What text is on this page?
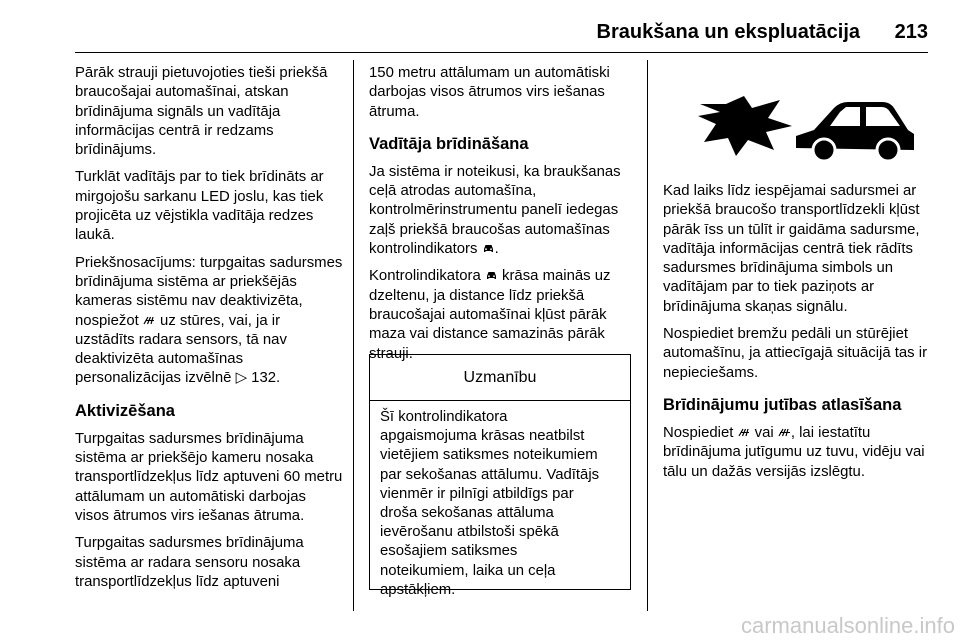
Braukšana un ekspluatācija	213

Pārāk strauji pietuvojoties tieši priekšā braucošajai automašīnai, atskan brīdinājuma signāls un vadītāja informācijas centrā ir redzams brīdinājums.

Turklāt vadītājs par to tiek brīdināts ar mirgojošu sarkanu LED joslu, kas tiek projicēta uz vējstikla vadītāja redzes laukā.

Priekšnosacījums: turpgaitas sadursmes brīdinājuma sistēma ar priekšējās kameras sistēmu nav deaktivizēta, nospiežot uz stūres, vai, ja ir uzstādīts radara sensors, tā nav deaktivizēta automašīnas personalizācijas izvēlnē ▷ 132.

Aktivizēšana

Turpgaitas sadursmes brīdinājuma sistēma ar priekšējo kameru nosaka transportlīdzekļus līdz aptuveni 60 metru attālumam un automātiski darbojas visos ātrumos virs iešanas ātruma.

Turpgaitas sadursmes brīdinājuma sistēma ar radara sensoru nosaka transportlīdzekļus līdz aptuveni

150 metru attālumam un automātiski darbojas visos ātrumos virs iešanas ātruma.

Vadītāja brīdināšana

Ja sistēma ir noteikusi, ka braukšanas ceļā atrodas automašīna, kontrolmērinstrumentu panelī iedegas zaļš priekšā braucošas automašīnas kontrolindikators .

Kontrolindikatora krāsa mainās uz dzeltenu, ja distance līdz priekšā braucošajai automašīnai kļūst pārāk maza vai distance samazinās pārāk strauji.

Uzmanību
Šī kontrolindikatora
apgaismojuma krāsas neatbilst
vietējiem satiksmes noteikumiem
par sekošanas attālumu. Vadītājs
vienmēr ir pilnīgi atbildīgs par
droša sekošanas attāluma
ievērošanu atbilstoši spēkā
esošajiem satiksmes
noteikumiem, laika un ceļa
apstākļiem.

Kad laiks līdz iespējamai sadursmei ar priekšā braucošo transportlīdzekli kļūst pārāk īss un tūlīt ir gaidāma sadursme, vadītāja informācijas centrā tiek rādīts sadursmes brīdinājuma simbols un vadītājam par to tiek paziņots ar brīdinājuma skaņas signālu.

Nospiediet bremžu pedāli un stūrējiet automašīnu, ja attiecīgajā situācijā tas ir nepieciešams.

Brīdinājumu jutības atlasīšana

Nospiediet vai , lai iestatītu brīdinājuma jutīgumu uz tuvu, vidēju vai tālu un dažās versijās izslēgtu.

carmanualsonline.info
